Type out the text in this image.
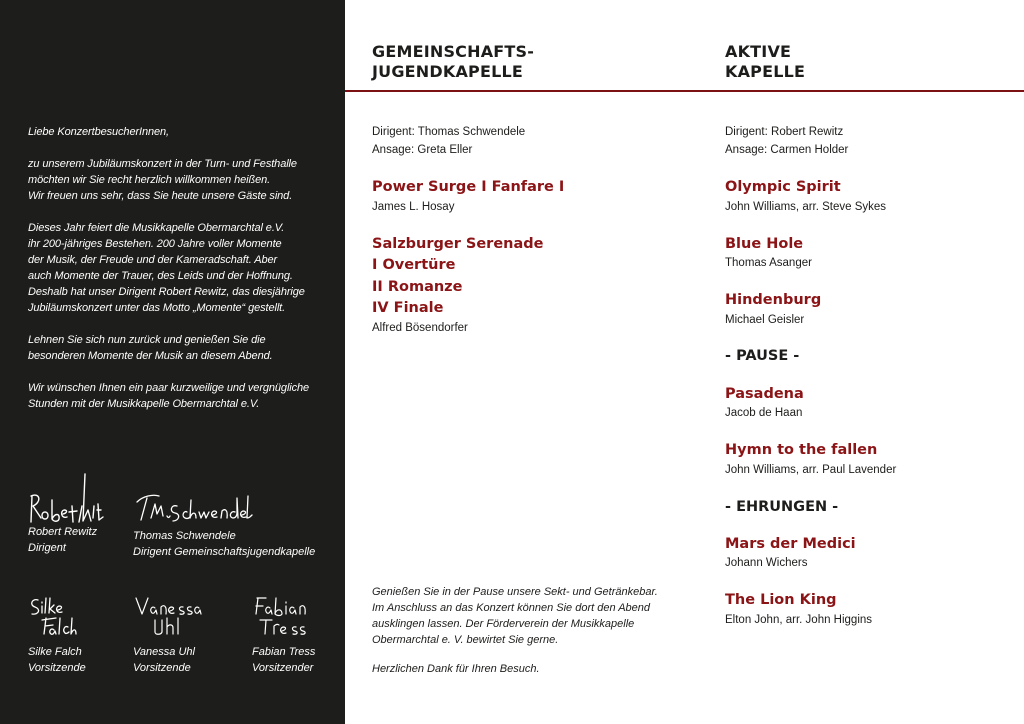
Liebe KonzertbesucherInnen,

zu unserem Jubiläumskonzert in der Turn- und Festhalle
möchten wir Sie recht herzlich willkommen heißen.
Wir freuen uns sehr, dass Sie heute unsere Gäste sind.

Dieses Jahr feiert die Musikkapelle Obermarchtal e.V.
ihr 200-jähriges Bestehen. 200 Jahre voller Momente
der Musik, der Freude und der Kameradschaft. Aber
auch Momente der Trauer, des Leids und der Hoffnung.
Deshalb hat unser Dirigent Robert Rewitz, das diesjährige
Jubiläumskonzert unter das Motto „Momente“ gestellt.

Lehnen Sie sich nun zurück und genießen Sie die
besonderen Momente der Musik an diesem Abend.

Wir wünschen Ihnen ein paar kurzweilige und vergnügliche
Stunden mit der Musikkapelle Obermarchtal e.V.

Robert Rewitz
Dirigent
Thomas Schwendele
Dirigent Gemeinschaftsjugendkapelle
Silke Falch
Vorsitzende
Vanessa Uhl
Vorsitzende
Fabian Tress
Vorsitzender
GEMEINSCHAFTS-
JUGENDKAPELLE
AKTIVE
KAPELLE

Dirigent: Thomas Schwendele

Ansage: Greta Eller

Power Surge I Fanfare I
James L. Hosay
Salzburger Serenade
I Overtüre
II Romanze
IV Finale
Alfred Bösendorfer

Dirigent: Robert Rewitz

Ansage: Carmen Holder

Olympic Spirit
John Williams, arr. Steve Sykes
Blue Hole
Thomas Asanger
Hindenburg
Michael Geisler
- PAUSE -
Pasadena
Jacob de Haan
Hymn to the fallen
John Williams, arr. Paul Lavender
- EHRUNGEN -
Mars der Medici
Johann Wichers
The Lion King
Elton John, arr. John Higgins

Genießen Sie in der Pause unsere Sekt- und Getränkebar.
Im Anschluss an das Konzert können Sie dort den Abend
ausklingen lassen. Der Förderverein der Musikkapelle
Obermarchtal e. V. bewirtet Sie gerne.

Herzlichen Dank für Ihren Besuch.
